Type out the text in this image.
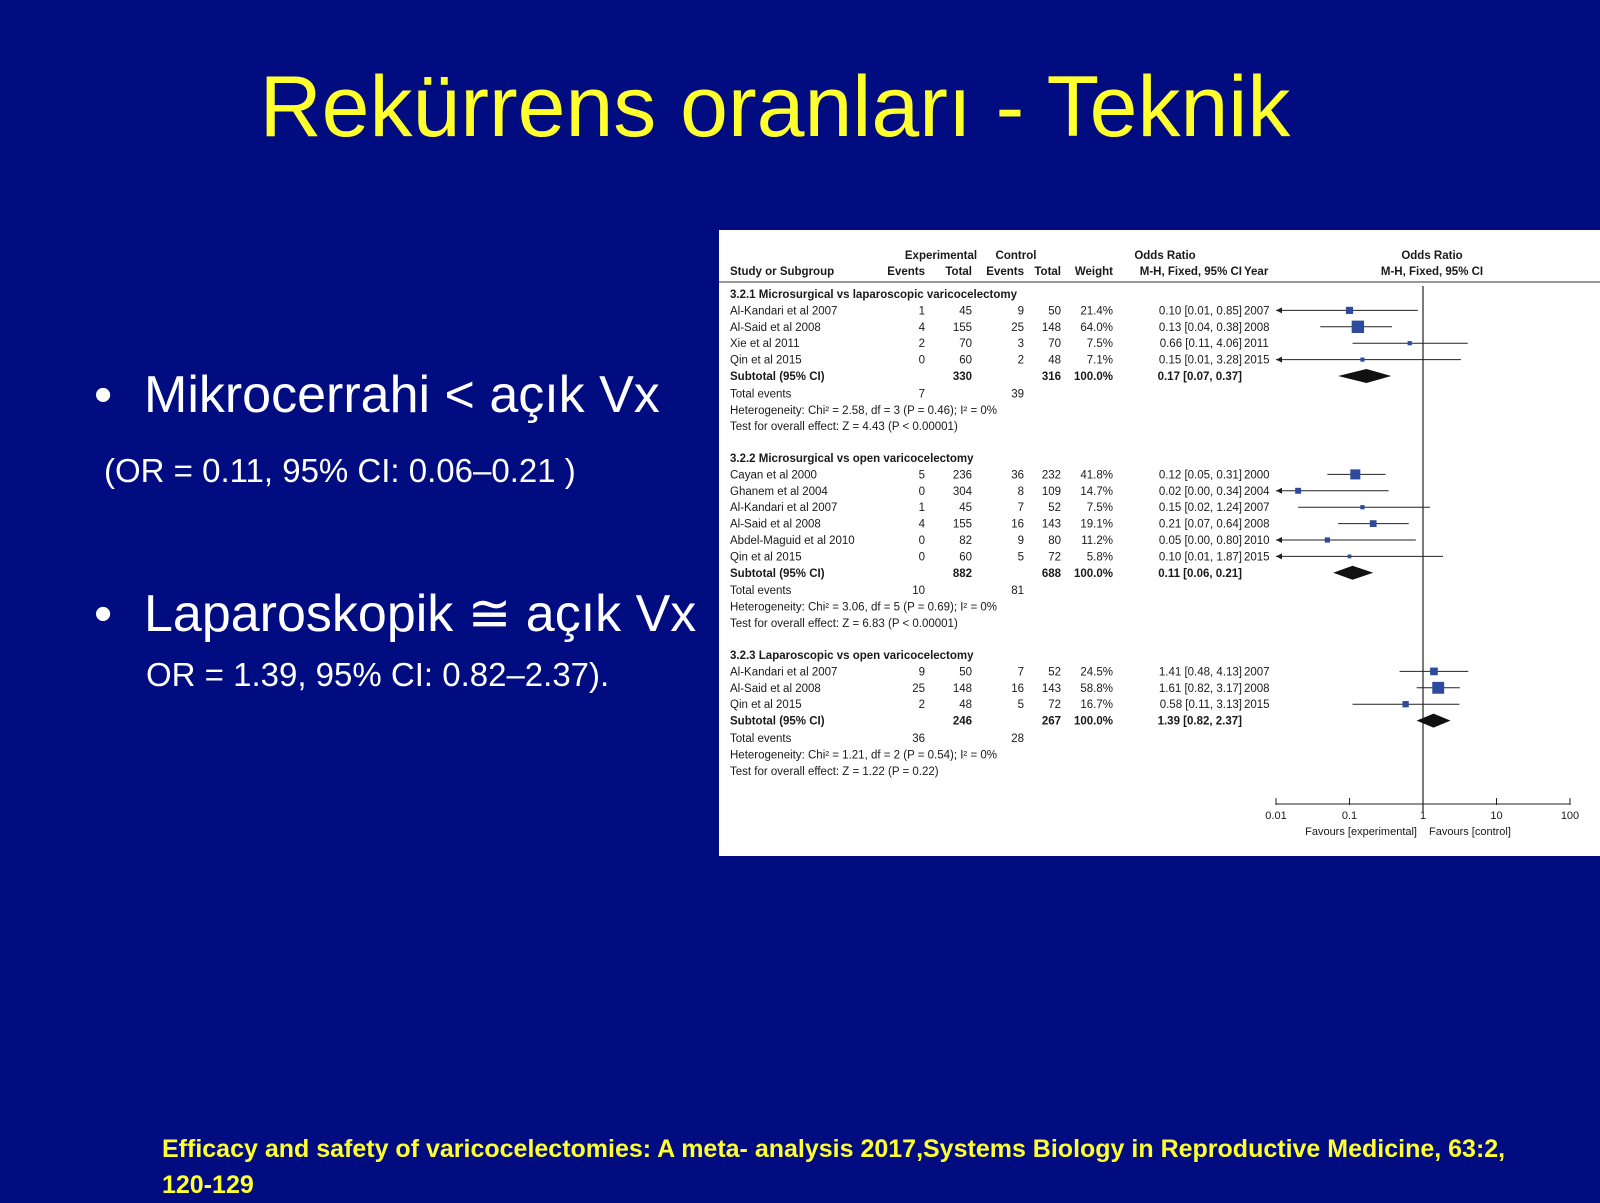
Rekürrens oranları - Teknik
• Mikrocerrahi < açık Vx
(OR = 0.11, 95% CI: 0.06–0.21 )
• Laparoskopik ≅ açık Vx
OR = 1.39, 95% CI: 0.82–2.37).
Experimental Control	Odds Ratio	Odds Ratio
Study or Subgroup	Events Total Events Total Weight M-H, Fixed, 95% CI Year	M-H, Fixed, 95% CI
3.2.1 Microsurgical vs laparoscopic varicocelectomy
Al-Kandari et al 2007	1	45	9 50 21.4%	0.10 [0.01, 0.85] 2007
Al-Said et al 2008	4 155	25 148 64.0%	0.13 [0.04, 0.38] 2008
Xie et al 2011	2	70	3 70 7.5%	0.66 [0.11, 4.06] 2011
Qin et al 2015	0	60	2 48 7.1%	0.15 [0.01, 3.28] 2015
Subtotal (95% CI)	330	316 100.0%	0.17 [0.07, 0.37]
Total events	7	39
Heterogeneity: Chi² = 2.58, df = 3 (P = 0.46); I² = 0%
Test for overall effect: Z = 4.43 (P < 0.00001)
3.2.2 Microsurgical vs open varicocelectomy
Cayan et al 2000	5 236	36 232 41.8%	0.12 [0.05, 0.31] 2000
Ghanem et al 2004	0 304	8 109 14.7%	0.02 [0.00, 0.34] 2004
Al-Kandari et al 2007	1	45	7 52 7.5%	0.15 [0.02, 1.24] 2007
Al-Said et al 2008	4 155	16 143 19.1%	0.21 [0.07, 0.64] 2008
Abdel-Maguid et al 2010	0	82	9 80 11.2%	0.05 [0.00, 0.80] 2010
Qin et al 2015	0	60	5 72 5.8%	0.10 [0.01, 1.87] 2015
Subtotal (95% CI)	882	688 100.0%	0.11 [0.06, 0.21]
Total events	10	81
Heterogeneity: Chi² = 3.06, df = 5 (P = 0.69); I² = 0%
Test for overall effect: Z = 6.83 (P < 0.00001)
3.2.3 Laparoscopic vs open varicocelectomy
Al-Kandari et al 2007	9	50	7 52 24.5%	1.41 [0.48, 4.13] 2007
Al-Said et al 2008	25 148	16 143 58.8%	1.61 [0.82, 3.17] 2008
Qin et al 2015	2	48	5 72 16.7%	0.58 [0.11, 3.13] 2015
Subtotal (95% CI)	246	267 100.0%	1.39 [0.82, 2.37]
Total events	36	28
Heterogeneity: Chi² = 1.21, df = 2 (P = 0.54); I² = 0%
Test for overall effect: Z = 1.22 (P = 0.22)
0.01	0.1	1	10	100
Favours [experimental] Favours [control]
Efficacy and safety of varicocelectomies: A meta- analysis 2017,Systems Biology in Reproductive Medicine, 63:2, 120-129
